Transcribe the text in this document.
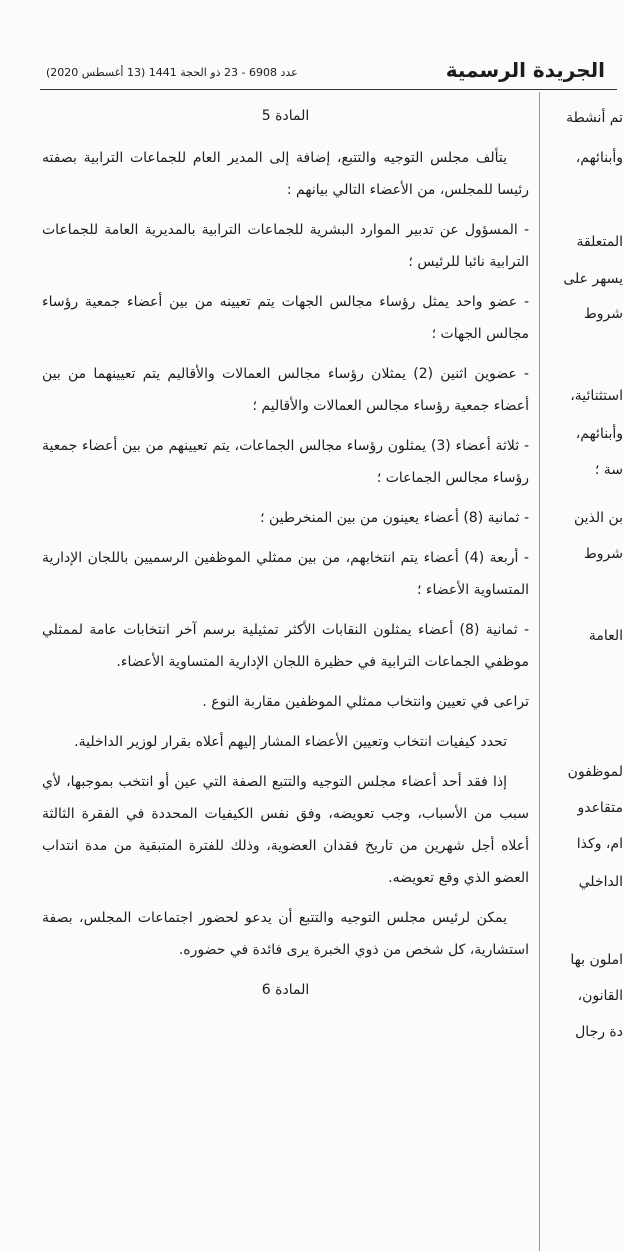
الجريدة الرسمية
عدد 6908 - 23 ذو الحجة 1441 (13 أغسطس 2020)

المادة 5

يتألف مجلس التوجيه والتتبع، إضافة إلى المدير العام للجماعات الترابية بصفته رئيسا للمجلس، من الأعضاء التالي بيانهم :

- المسؤول عن تدبير الموارد البشرية للجماعات الترابية بالمديرية العامة للجماعات الترابية نائبا للرئيس ؛

- عضو واحد يمثل رؤساء مجالس الجهات يتم تعيينه من بين أعضاء جمعية رؤساء مجالس الجهات ؛

- عضوين اثنين (2) يمثلان رؤساء مجالس العمالات والأقاليم يتم تعيينهما من بين أعضاء جمعية رؤساء مجالس العمالات والأقاليم ؛

- ثلاثة أعضاء (3) يمثلون رؤساء مجالس الجماعات، يتم تعيينهم من بين أعضاء جمعية رؤساء مجالس الجماعات ؛

- ثمانية (8) أعضاء يعينون من بين المنخرطين ؛

- أربعة (4) أعضاء يتم انتخابهم، من بين ممثلي الموظفين الرسميين باللجان الإدارية المتساوية الأعضاء ؛

- ثمانية (8) أعضاء يمثلون النقابات الأكثر تمثيلية برسم آخر انتخابات عامة لممثلي موظفي الجماعات الترابية في حظيرة اللجان الإدارية المتساوية الأعضاء.

تراعى في تعيين وانتخاب ممثلي الموظفين مقاربة النوع .

تحدد كيفيات انتخاب وتعيين الأعضاء المشار إليهم أعلاه بقرار لوزير الداخلية.

إذا فقد أحد أعضاء مجلس التوجيه والتتبع الصفة التي عين أو انتخب بموجبها، لأي سبب من الأسباب، وجب تعويضه، وفق نفس الكيفيات المحددة في الفقرة الثالثة أعلاه أجل شهرين من تاريخ فقدان العضوية، وذلك للفترة المتبقية من مدة انتداب العضو الذي وقع تعويضه.

يمكن لرئيس مجلس التوجيه والتتبع أن يدعو لحضور اجتماعات المجلس، بصفة استشارية، كل شخص من ذوي الخبرة يرى فائدة في حضوره.

المادة 6

تم أنشطة
وأبنائهم،
المتعلقة
يسهر على
شروط
استثنائية،
وأبنائهم،
سة ؛
بن الذين
شروط
العامة
لموظفون
متقاعدو
ام، وكذا
الداخلي
املون بها
القانون،
دة رجال
